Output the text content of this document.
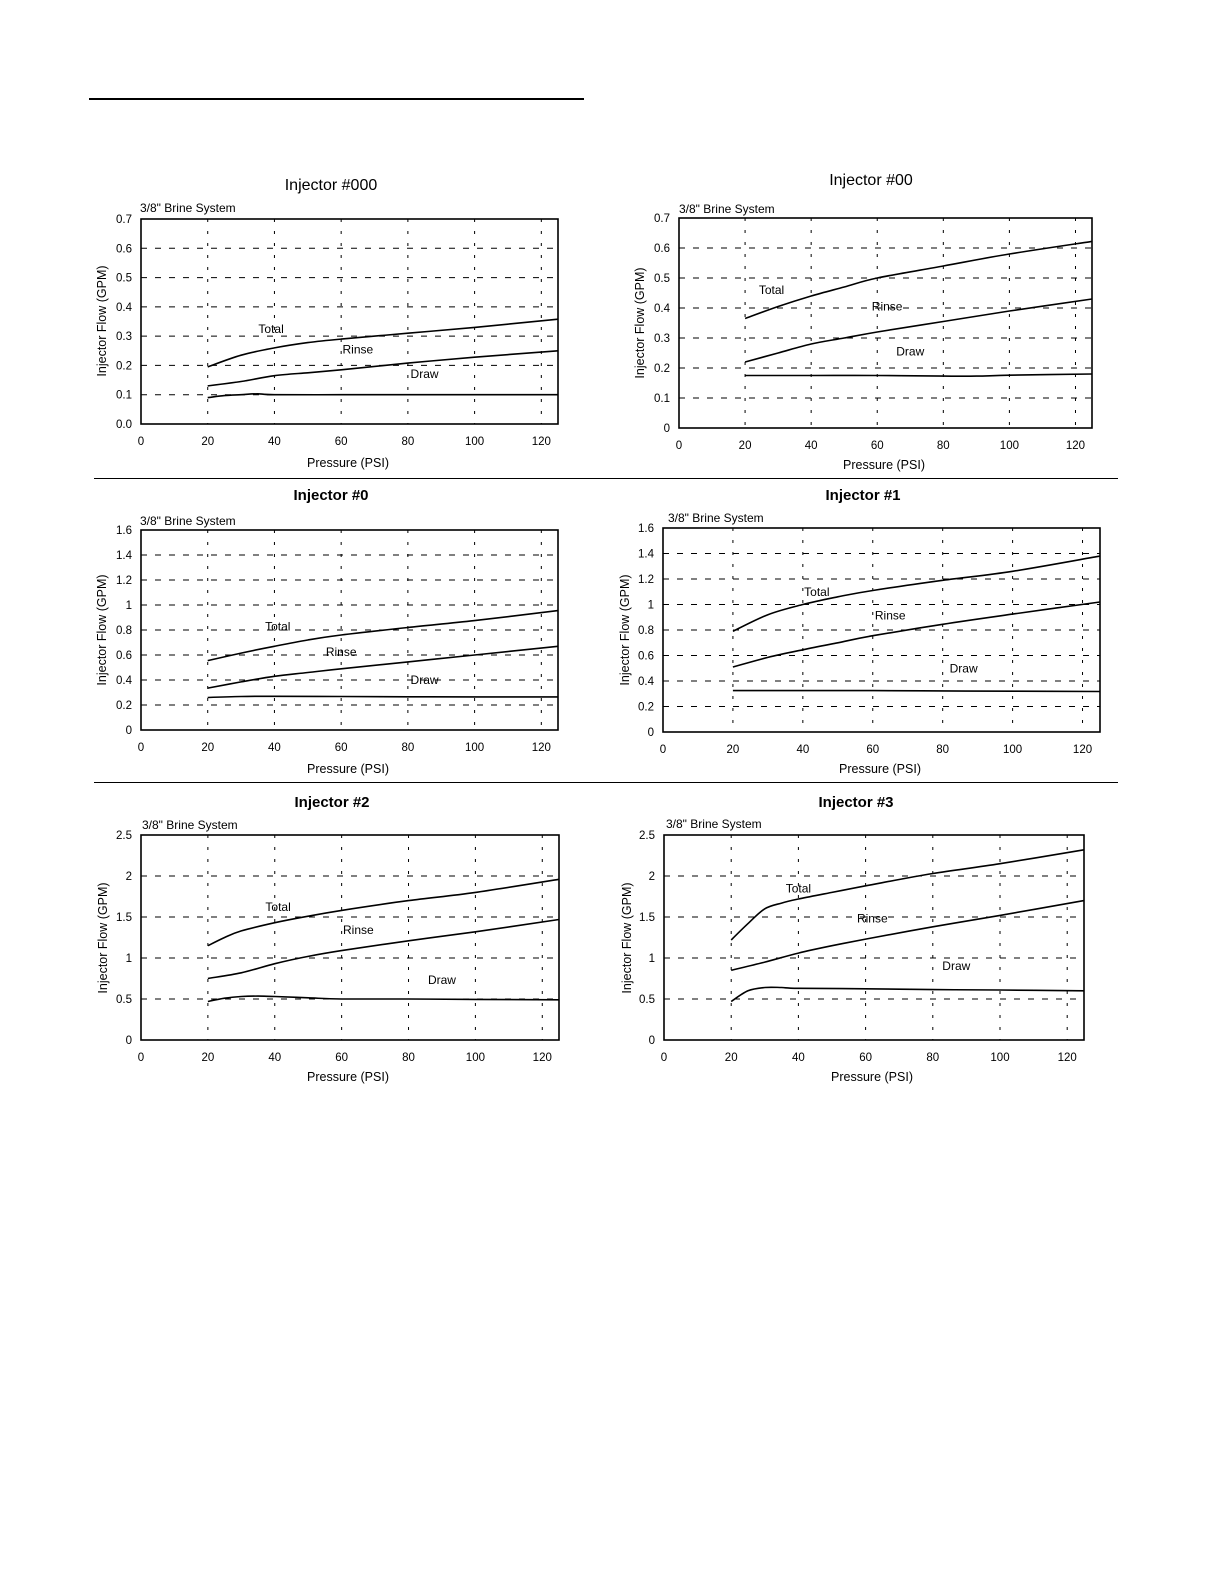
Injector #000
3/8" Brine System
0	20	40	60	80	100	120
0.0
0.1
0.2
0.3
0.4
0.5
0.6
0.7
Pressure (PSI)
Injector Flow (GPM)	Total
Rinse
Draw
Injector #00
3/8" Brine System
0	20	40	60	80	100	120
0
0.1
0.2
0.3
0.4
0.5
0.6
0.7
Pressure (PSI)
Injector Flow (GPM)	Total
Rinse
Draw
Injector #0
3/8" Brine System
0	20	40	60	80	100	120
0
0.2
0.4
0.6
0.8
1
1.2
1.4
1.6
Pressure (PSI)
Injector Flow (GPM)	Total
Rinse
Draw
Injector #1
3/8" Brine System
0	20	40	60	80	100	120
0
0.2
0.4
0.6
0.8
1
1.2
1.4
1.6
Pressure (PSI)
Injector Flow (GPM)	Total
Rinse
Draw
Injector #2
3/8" Brine System
0	20	40	60	80	100	120
0
0.5
1
1.5
2
2.5
Pressure (PSI)
Injector Flow (GPM)	Total
Rinse
Draw
Injector #3
3/8" Brine System
0	20	40	60	80	100	120
0
0.5
1
1.5
2
2.5
Pressure (PSI)
Injector Flow (GPM)	Total
Rinse
Draw
